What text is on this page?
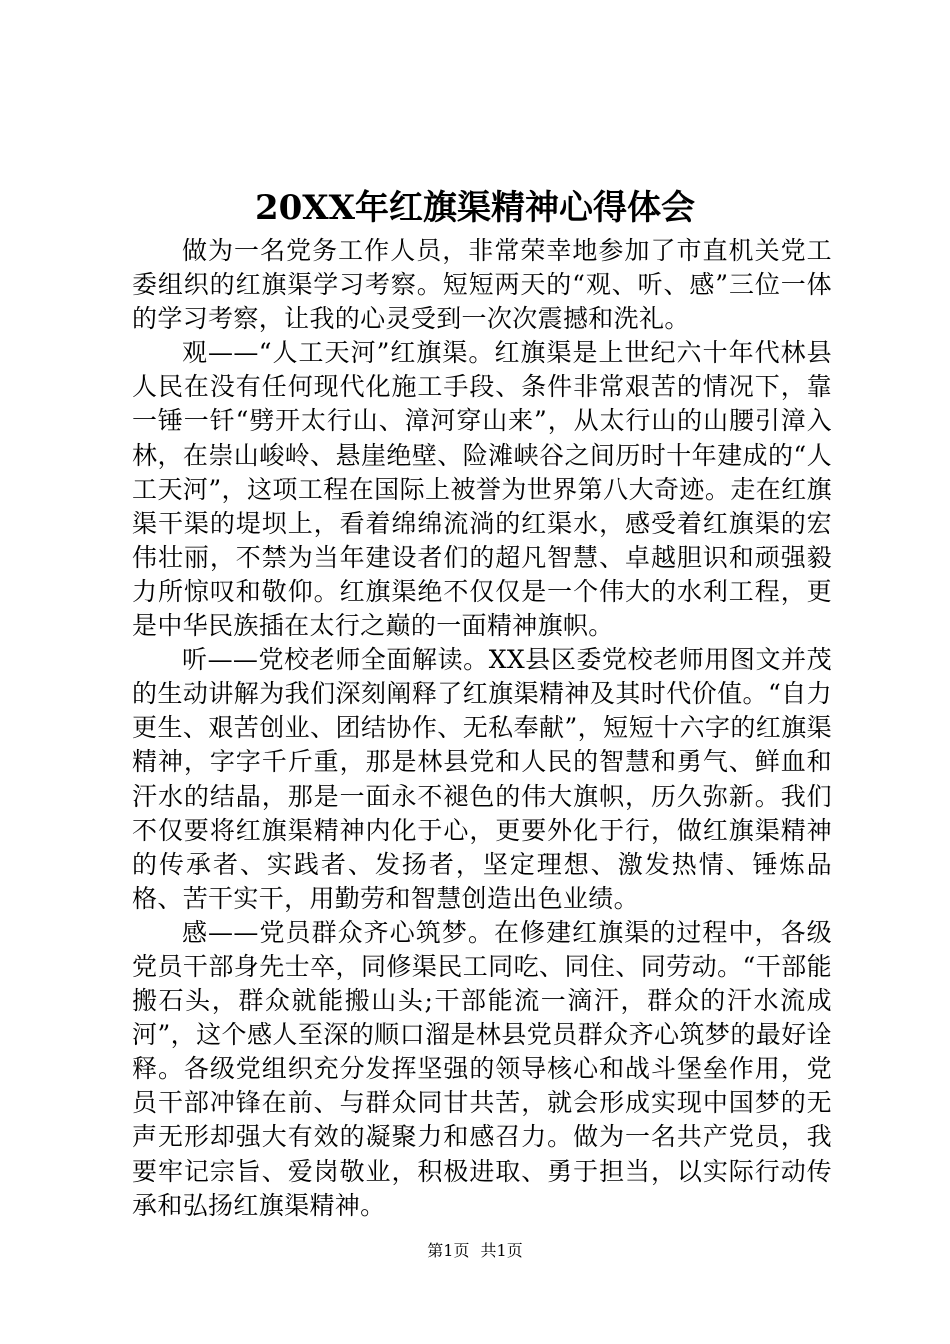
20XX年红旗渠精神心得体会

做为一名党务工作人员，非常荣幸地参加了市直机关党工委组织的红旗渠学习考察。短短两天的“观、听、感”三位一体的学习考察，让我的心灵受到一次次震撼和洗礼。

观——“人工天河”红旗渠。红旗渠是上世纪六十年代林县人民在没有任何现代化施工手段、条件非常艰苦的情况下，靠一锤一钎“劈开太行山、漳河穿山来”，从太行山的山腰引漳入林，在崇山峻岭、悬崖绝壁、险滩峡谷之间历时十年建成的“人工天河”，这项工程在国际上被誉为世界第八大奇迹。走在红旗渠干渠的堤坝上，看着绵绵流淌的红渠水，感受着红旗渠的宏伟壮丽，不禁为当年建设者们的超凡智慧、卓越胆识和顽强毅力所惊叹和敬仰。红旗渠绝不仅仅是一个伟大的水利工程，更是中华民族插在太行之巅的一面精神旗帜。

听——党校老师全面解读。XX县区委党校老师用图文并茂的生动讲解为我们深刻阐释了红旗渠精神及其时代价值。“自力更生、艰苦创业、团结协作、无私奉献”，短短十六字的红旗渠精神，字字千斤重，那是林县党和人民的智慧和勇气、鲜血和汗水的结晶，那是一面永不褪色的伟大旗帜，历久弥新。我们不仅要将红旗渠精神内化于心，更要外化于行，做红旗渠精神的传承者、实践者、发扬者，坚定理想、激发热情、锤炼品格、苦干实干，用勤劳和智慧创造出色业绩。

感——党员群众齐心筑梦。在修建红旗渠的过程中，各级党员干部身先士卒，同修渠民工同吃、同住、同劳动。“干部能搬石头，群众就能搬山头;干部能流一滴汗，群众的汗水流成河”，这个感人至深的顺口溜是林县党员群众齐心筑梦的最好诠释。各级党组织充分发挥坚强的领导核心和战斗堡垒作用，党员干部冲锋在前、与群众同甘共苦，就会形成实现中国梦的无声无形却强大有效的凝聚力和感召力。做为一名共产党员，我要牢记宗旨、爱岗敬业，积极进取、勇于担当，以实际行动传承和弘扬红旗渠精神。

第1页 共1页
